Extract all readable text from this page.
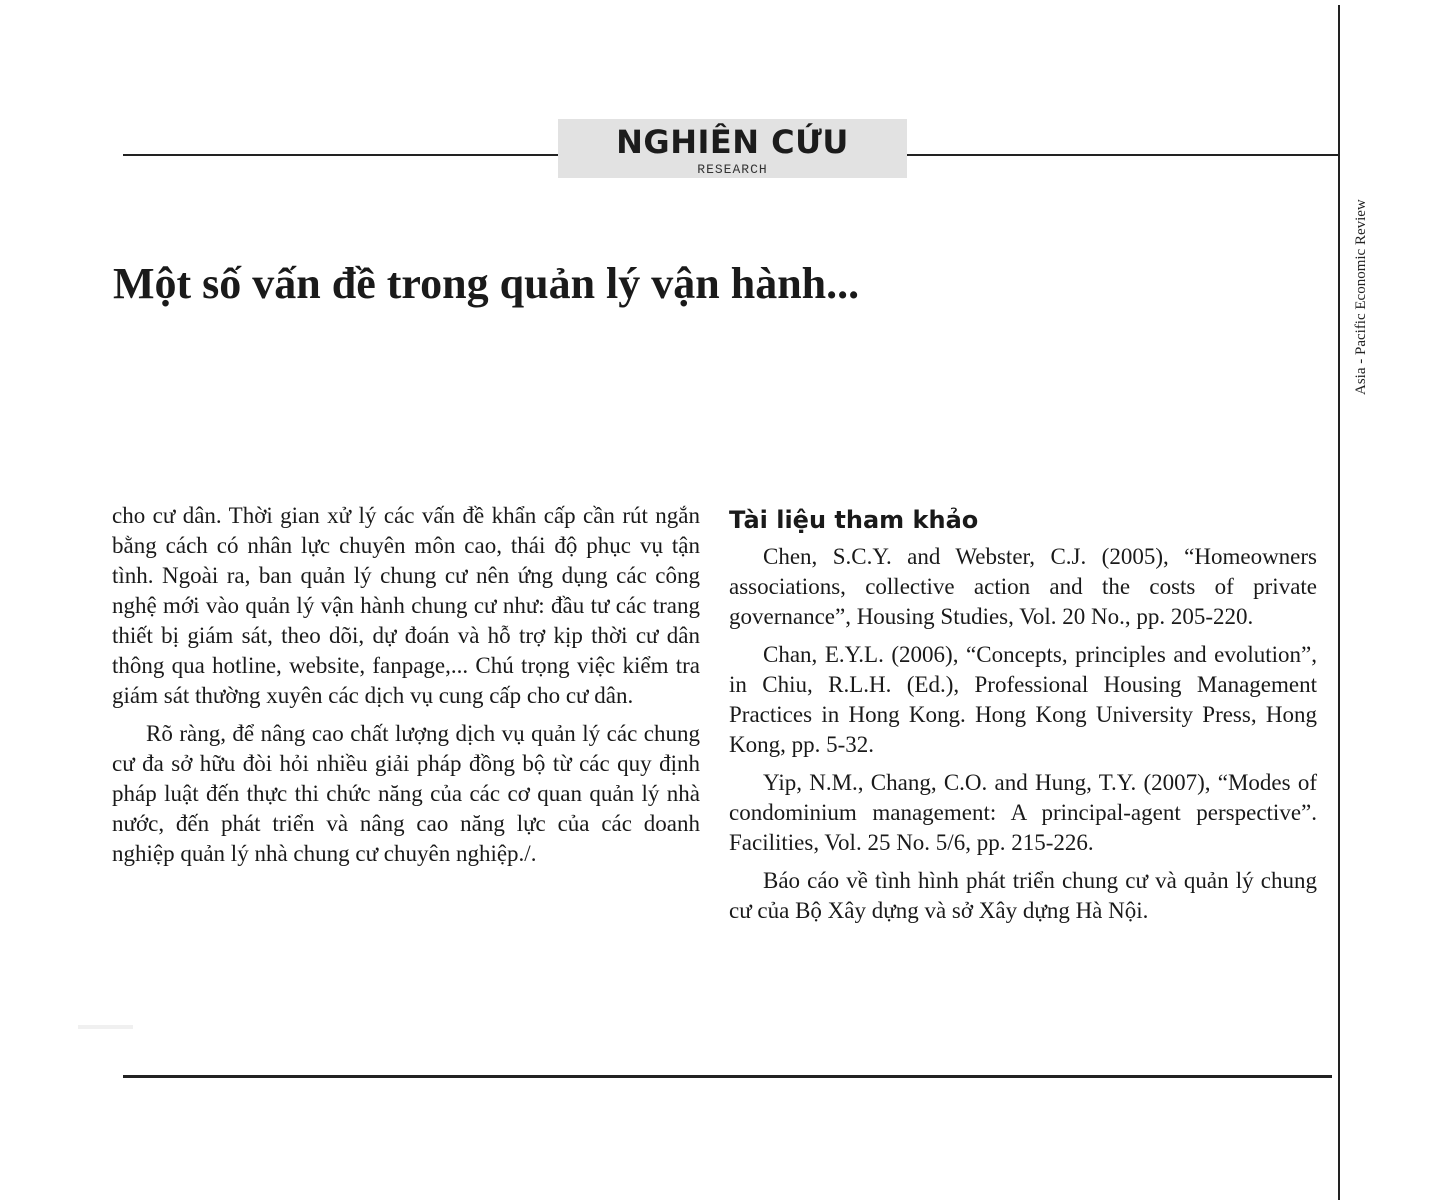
NGHIÊN CỨU
RESEARCH
Asia - Pacific Economic Review
Một số vấn đề trong quản lý vận hành...

cho cư dân. Thời gian xử lý các vấn đề khẩn cấp cần rút ngắn bằng cách có nhân lực chuyên môn cao, thái độ phục vụ tận tình. Ngoài ra, ban quản lý chung cư nên ứng dụng các công nghệ mới vào quản lý vận hành chung cư như: đầu tư các trang thiết bị giám sát, theo dõi, dự đoán và hỗ trợ kịp thời cư dân thông qua hotline, website, fanpage,... Chú trọng việc kiểm tra giám sát thường xuyên các dịch vụ cung cấp cho cư dân.

Rõ ràng, để nâng cao chất lượng dịch vụ quản lý các chung cư đa sở hữu đòi hỏi nhiều giải pháp đồng bộ từ các quy định pháp luật đến thực thi chức năng của các cơ quan quản lý nhà nước, đến phát triển và nâng cao năng lực của các doanh nghiệp quản lý nhà chung cư chuyên nghiệp./.

Tài liệu tham khảo

Chen, S.C.Y. and Webster, C.J. (2005), “Homeowners associations, collective action and the costs of private governance”, Housing Studies, Vol. 20 No., pp. 205-220.

Chan, E.Y.L. (2006), “Concepts, principles and evolution”, in Chiu, R.L.H. (Ed.), Professional Housing Management Practices in Hong Kong. Hong Kong University Press, Hong Kong, pp. 5-32.

Yip, N.M., Chang, C.O. and Hung, T.Y. (2007), “Modes of condominium management: A principal-agent perspective”. Facilities, Vol. 25 No. 5/6, pp. 215-226.

Báo cáo về tình hình phát triển chung cư và quản lý chung cư của Bộ Xây dựng và sở Xây dựng Hà Nội.
